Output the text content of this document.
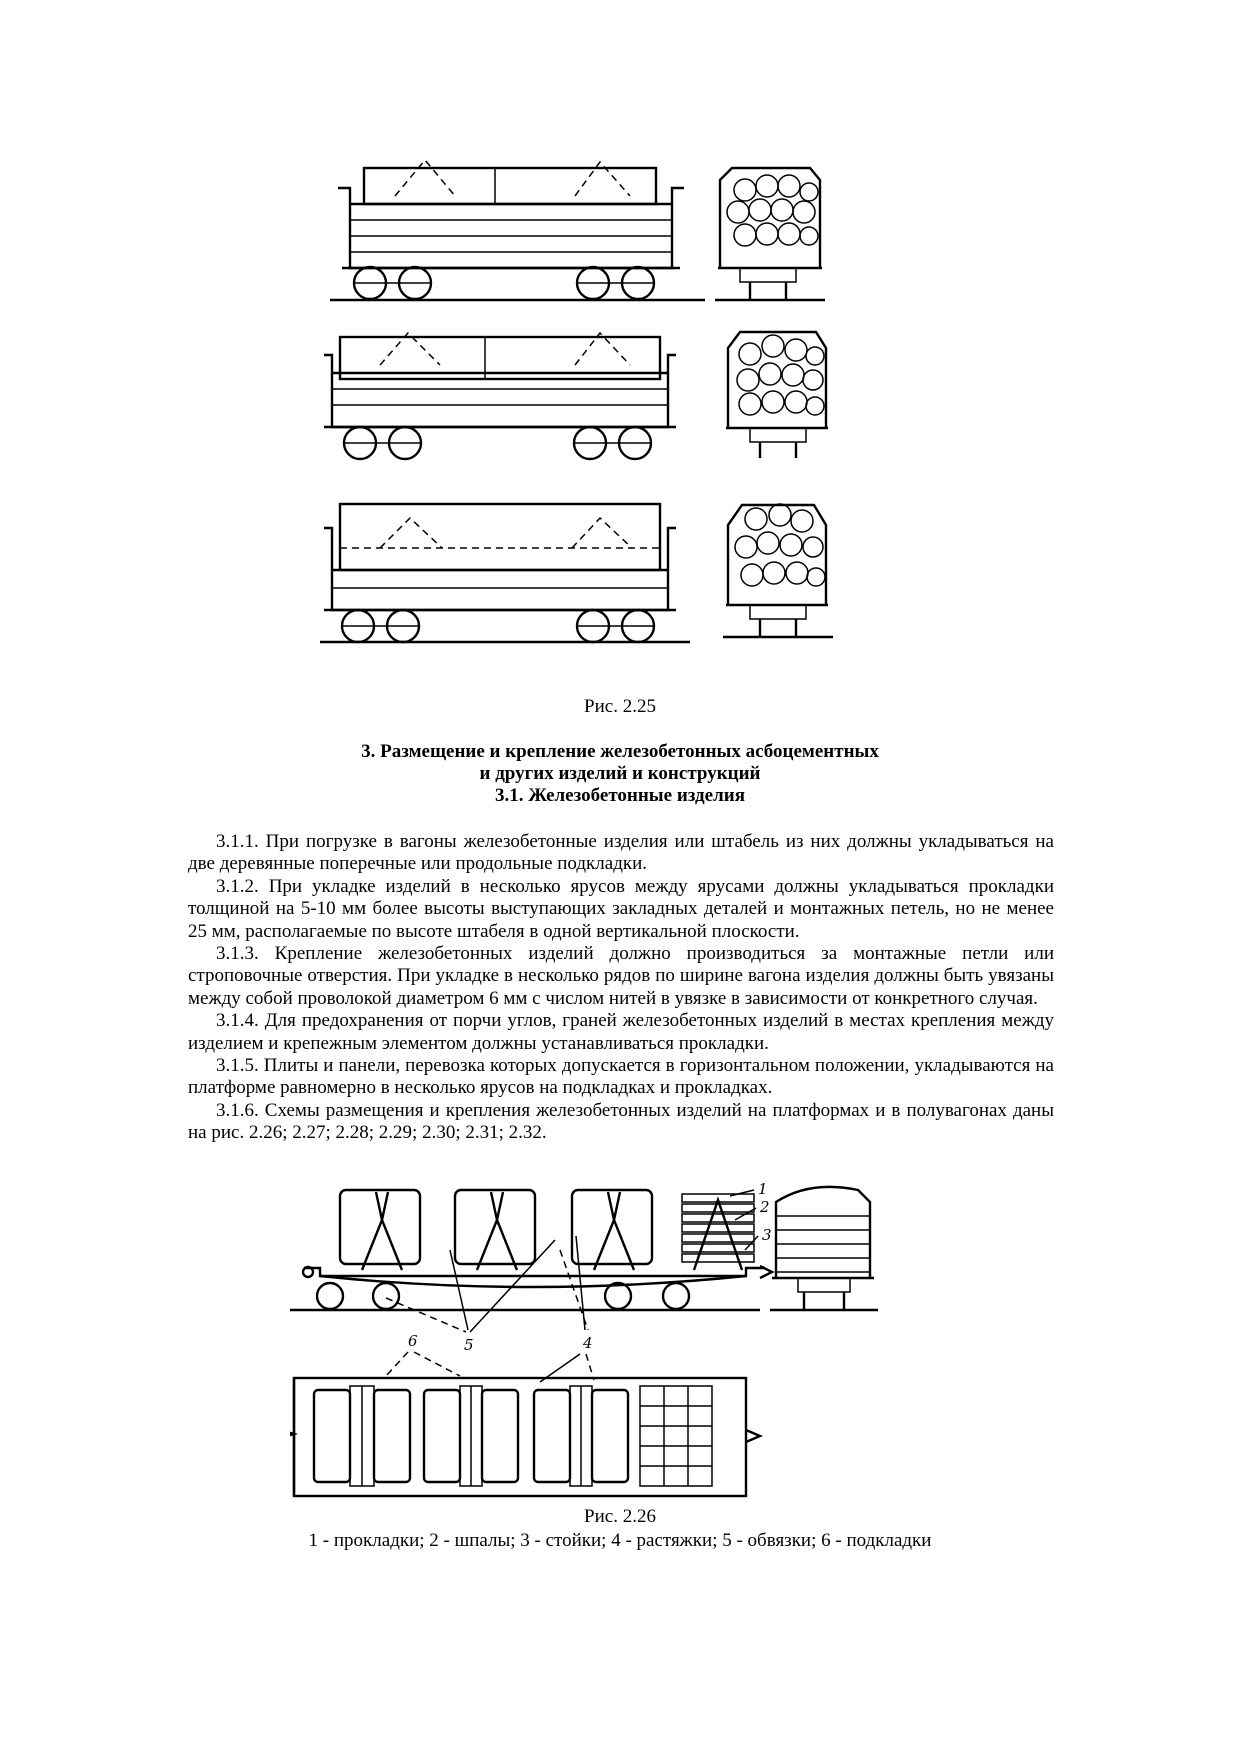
Рис. 2.25
3. Размещение и крепление железобетонных асбоцементных
и других изделий и конструкций
3.1. Железобетонные изделия

3.1.1. При погрузке в вагоны железобетонные изделия или штабель из них должны укладываться на две деревянные поперечные или продольные подкладки.

3.1.2. При укладке изделий в несколько ярусов между ярусами должны укладываться прокладки толщиной на 5-10 мм более высоты выступающих закладных деталей и монтажных петель, но не менее 25 мм, располагаемые по высоте штабеля в одной вертикальной плоскости.

3.1.3. Крепление железобетонных изделий должно производиться за монтажные петли или строповочные отверстия. При укладке в несколько рядов по ширине вагона изделия должны быть увязаны между собой проволокой диаметром 6 мм с числом нитей в увязке в зависимости от конкретного случая.

3.1.4. Для предохранения от порчи углов, граней железобетонных изделий в местах крепления между изделием и крепежным элементом должны устанавливаться прокладки.

3.1.5. Плиты и панели, перевозка которых допускается в горизонтальном положении, укладываются на платформе равномерно в несколько ярусов на подкладках и прокладках.

3.1.6. Схемы размещения и крепления железобетонных изделий на платформах и в полувагонах даны на рис. 2.26; 2.27; 2.28; 2.29; 2.30; 2.31; 2.32.

1
2
3
5	4
6
Рис. 2.26
1 - прокладки; 2 - шпалы; 3 - стойки; 4 - растяжки; 5 - обвязки; 6 - подкладки
